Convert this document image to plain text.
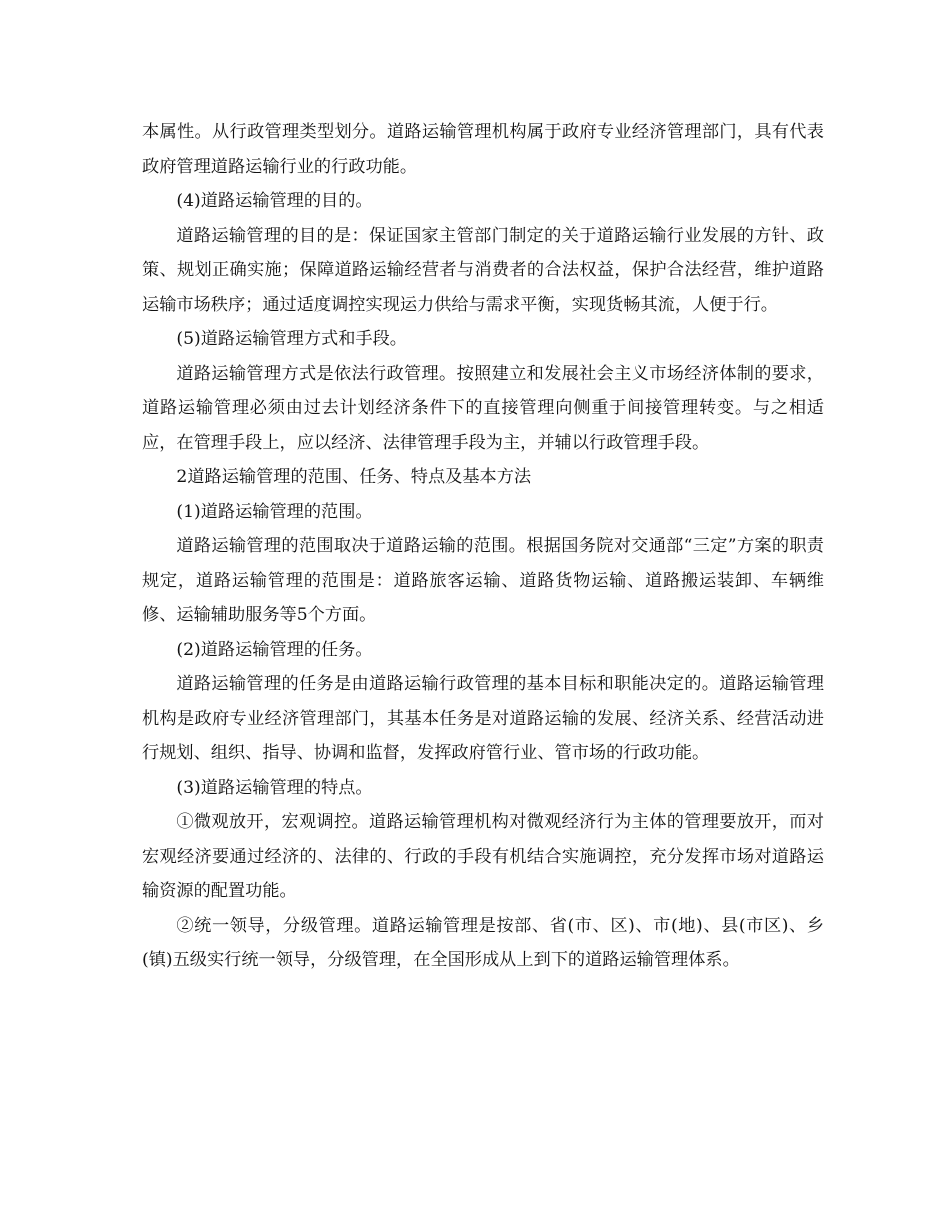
本属性。从行政管理类型划分。道路运输管理机构属于政府专业经济管理部门，具有代表政府管理道路运输行业的行政功能。

(4)道路运输管理的目的。

道路运输管理的目的是：保证国家主管部门制定的关于道路运输行业发展的方针、政策、规划正确实施；保障道路运输经营者与消费者的合法权益，保护合法经营，维护道路运输市场秩序；通过适度调控实现运力供给与需求平衡，实现货畅其流，人便于行。

(5)道路运输管理方式和手段。

道路运输管理方式是依法行政管理。按照建立和发展社会主义市场经济体制的要求，道路运输管理必须由过去计划经济条件下的直接管理向侧重于间接管理转变。与之相适应，在管理手段上，应以经济、法律管理手段为主，并辅以行政管理手段。

2道路运输管理的范围、任务、特点及基本方法

(1)道路运输管理的范围。

道路运输管理的范围取决于道路运输的范围。根据国务院对交通部“三定”方案的职责规定，道路运输管理的范围是：道路旅客运输、道路货物运输、道路搬运装卸、车辆维修、运输辅助服务等5个方面。

(2)道路运输管理的任务。

道路运输管理的任务是由道路运输行政管理的基本目标和职能决定的。道路运输管理机构是政府专业经济管理部门，其基本任务是对道路运输的发展、经济关系、经营活动进行规划、组织、指导、协调和监督，发挥政府管行业、管市场的行政功能。

(3)道路运输管理的特点。

①微观放开，宏观调控。道路运输管理机构对微观经济行为主体的管理要放开，而对宏观经济要通过经济的、法律的、行政的手段有机结合实施调控，充分发挥市场对道路运输资源的配置功能。

②统一领导，分级管理。道路运输管理是按部、省(市、区)、市(地)、县(市区)、乡(镇)五级实行统一领导，分级管理，在全国形成从上到下的道路运输管理体系。
